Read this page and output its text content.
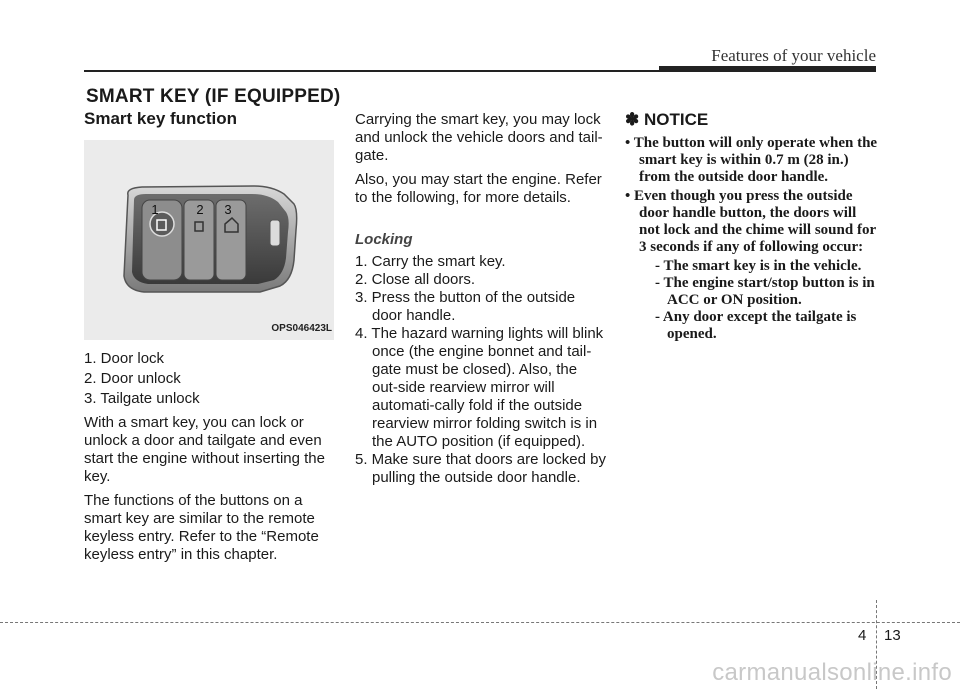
Features of your vehicle
SMART KEY (IF EQUIPPED)
Smart key function
1	2 3
OPS046423L
1. Door lock
2. Door unlock
3. Tailgate unlock

With a smart key, you can lock or unlock a door and tailgate and even start the engine without inserting the key.

The functions of the buttons on a smart key are similar to the remote keyless entry. Refer to the “Remote keyless entry” in this chapter.

Carrying the smart key, you may lock and unlock the vehicle doors and tail-gate.

Also, you may start the engine. Refer to the following, for more details.

Locking
1. Carry the smart key.
2. Close all doors.
3. Press the button of the outside door handle.
4. The hazard warning lights will blink once (the engine bonnet and tail-gate must be closed). Also, the out-side rearview mirror will automati-cally fold if the outside rearview mirror folding switch is in the AUTO position (if equipped).
5. Make sure that doors are locked by pulling the outside door handle.
✽ NOTICE
• The button will only operate when the smart key is within 0.7 m (28 in.) from the outside door handle.
• Even though you press the outside door handle button, the doors will not lock and the chime will sound for 3 seconds if any of following occur:
- The smart key is in the vehicle.
- The engine start/stop button is in ACC or ON position.
- Any door except the tailgate is opened.
4 13
carmanualsonline.info
